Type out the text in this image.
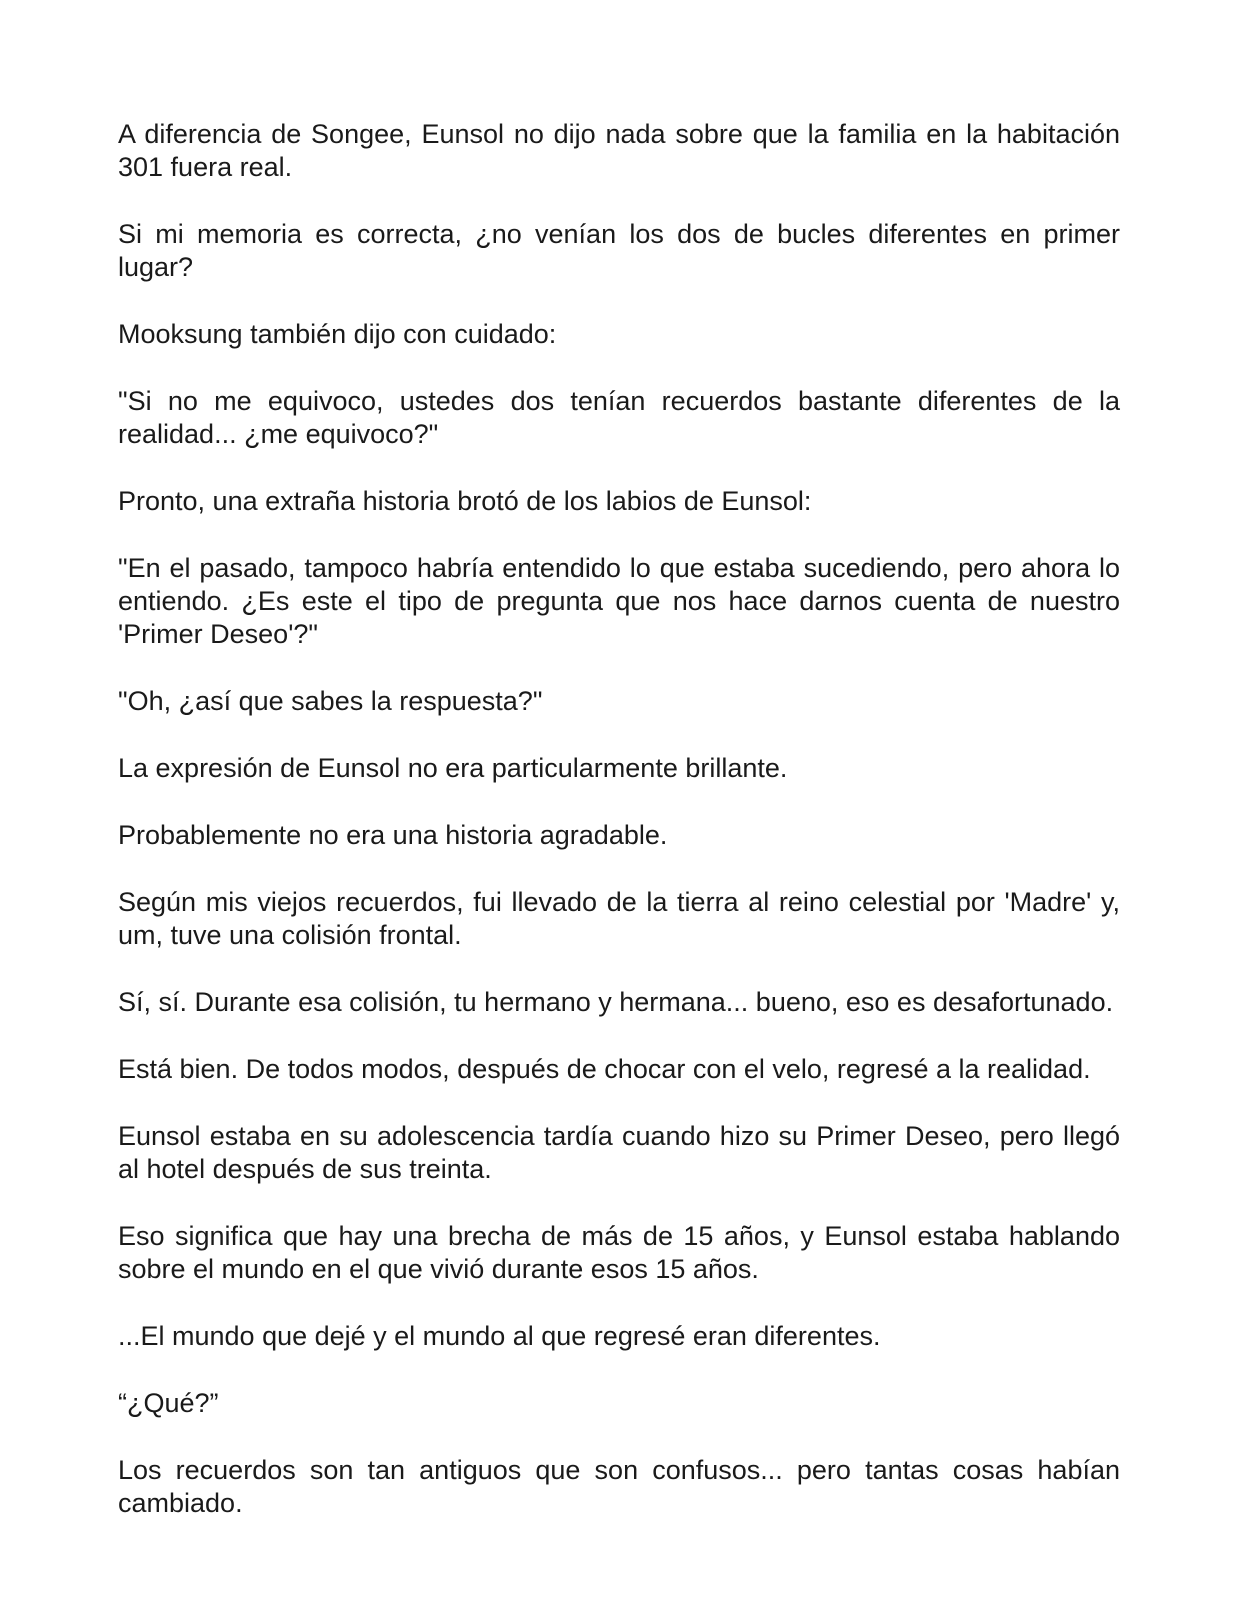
A diferencia de Songee, Eunsol no dijo nada sobre que la familia en la habitación 301 fuera real.

Si mi memoria es correcta, ¿no venían los dos de bucles diferentes en primer lugar?

Mooksung también dijo con cuidado:

"Si no me equivoco, ustedes dos tenían recuerdos bastante diferentes de la realidad... ¿me equivoco?"

Pronto, una extraña historia brotó de los labios de Eunsol:

"En el pasado, tampoco habría entendido lo que estaba sucediendo, pero ahora lo entiendo. ¿Es este el tipo de pregunta que nos hace darnos cuenta de nuestro 'Primer Deseo'?"

"Oh, ¿así que sabes la respuesta?"

La expresión de Eunsol no era particularmente brillante.

Probablemente no era una historia agradable.

Según mis viejos recuerdos, fui llevado de la tierra al reino celestial por 'Madre' y, um, tuve una colisión frontal.

Sí, sí. Durante esa colisión, tu hermano y hermana... bueno, eso es desafortunado.

Está bien. De todos modos, después de chocar con el velo, regresé a la realidad.

Eunsol estaba en su adolescencia tardía cuando hizo su Primer Deseo, pero llegó al hotel después de sus treinta.

Eso significa que hay una brecha de más de 15 años, y Eunsol estaba hablando sobre el mundo en el que vivió durante esos 15 años.

...El mundo que dejé y el mundo al que regresé eran diferentes.

“¿Qué?”

Los recuerdos son tan antiguos que son confusos... pero tantas cosas habían cambiado.
